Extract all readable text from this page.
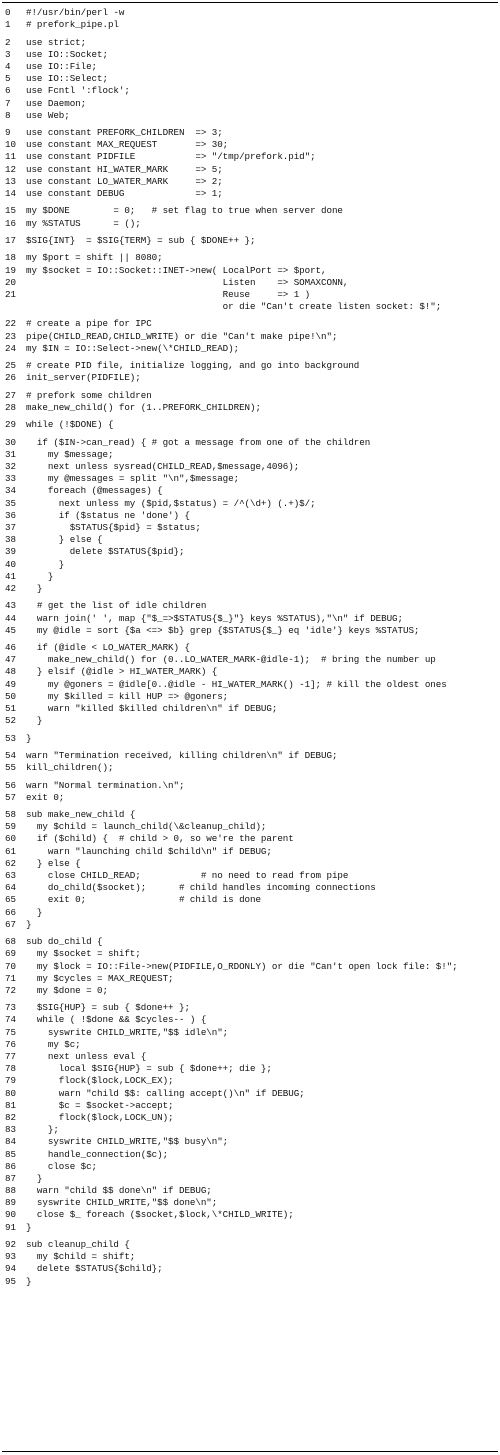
0	#!/usr/bin/perl -w
1	# prefork_pipe.pl
2	use strict;
3	use IO::Socket;
4	use IO::File;
5	use IO::Select;
6	use Fcntl ':flock';
7	use Daemon;
8	use Web;
9	use constant PREFORK_CHILDREN  => 3;
10	use constant MAX_REQUEST       => 30;
11	use constant PIDFILE           => "/tmp/prefork.pid";
12	use constant HI_WATER_MARK     => 5;
13	use constant LO_WATER_MARK     => 2;
14	use constant DEBUG             => 1;
15	my $DONE        = 0;   # set flag to true when server done
16	my %STATUS      = ();
17	$SIG{INT}  = $SIG{TERM} = sub { $DONE++ };
18	my $port = shift || 8080;
19	my $socket = IO::Socket::INET->new( LocalPort => $port,
20	Listen    => SOMAXCONN,
21	Reuse     => 1 )
or die "Can't create listen socket: $!";
22	# create a pipe for IPC
23	pipe(CHILD_READ,CHILD_WRITE) or die "Can't make pipe!\n";
24	my $IN = IO::Select->new(\*CHILD_READ);
25	# create PID file, initialize logging, and go into background
26	init_server(PIDFILE);
27	# prefork some children
28	make_new_child() for (1..PREFORK_CHILDREN);
29	while (!$DONE) {
30	if ($IN->can_read) { # got a message from one of the children
31	my $message;
32	next unless sysread(CHILD_READ,$message,4096);
33	my @messages = split "\n",$message;
34	foreach (@messages) {
35	next unless my ($pid,$status) = /^(\d+) (.+)$/;
36	if ($status ne 'done') {
37	$STATUS{$pid} = $status;
38	} else {
39	delete $STATUS{$pid};
40	}
41	}
42	}
43	# get the list of idle children
44	warn join(' ', map {"$_=>$STATUS{$_}"} keys %STATUS),"\n" if DEBUG;
45	my @idle = sort {$a <=> $b} grep {$STATUS{$_} eq 'idle'} keys %STATUS;
46	if (@idle < LO_WATER_MARK) {
47	make_new_child() for (0..LO_WATER_MARK-@idle-1);  # bring the number up
48	} elsif (@idle > HI_WATER_MARK) {
49	my @goners = @idle[0..@idle - HI_WATER_MARK() -1]; # kill the oldest ones
50	my $killed = kill HUP => @goners;
51	warn "killed $killed children\n" if DEBUG;
52	}
53	}
54	warn "Termination received, killing children\n" if DEBUG;
55	kill_children();
56	warn "Normal termination.\n";
57	exit 0;
58	sub make_new_child {
59	my $child = launch_child(\&cleanup_child);
60	if ($child) {  # child > 0, so we're the parent
61	warn "launching child $child\n" if DEBUG;
62	} else {
63	close CHILD_READ;           # no need to read from pipe
64	do_child($socket);      # child handles incoming connections
65	exit 0;                 # child is done
66	}
67	}
68	sub do_child {
69	my $socket = shift;
70	my $lock = IO::File->new(PIDFILE,O_RDONLY) or die "Can't open lock file: $!";
71	my $cycles = MAX_REQUEST;
72	my $done = 0;
73	$SIG{HUP} = sub { $done++ };
74	while ( !$done && $cycles-- ) {
75	syswrite CHILD_WRITE,"$$ idle\n";
76	my $c;
77	next unless eval {
78	local $SIG{HUP} = sub { $done++; die };
79	flock($lock,LOCK_EX);
80	warn "child $$: calling accept()\n" if DEBUG;
81	$c = $socket->accept;
82	flock($lock,LOCK_UN);
83	};
84	syswrite CHILD_WRITE,"$$ busy\n";
85	handle_connection($c);
86	close $c;
87	}
88	warn "child $$ done\n" if DEBUG;
89	syswrite CHILD_WRITE,"$$ done\n";
90	close $_ foreach ($socket,$lock,\*CHILD_WRITE);
91	}
92	sub cleanup_child {
93	my $child = shift;
94	delete $STATUS{$child};
95	}
